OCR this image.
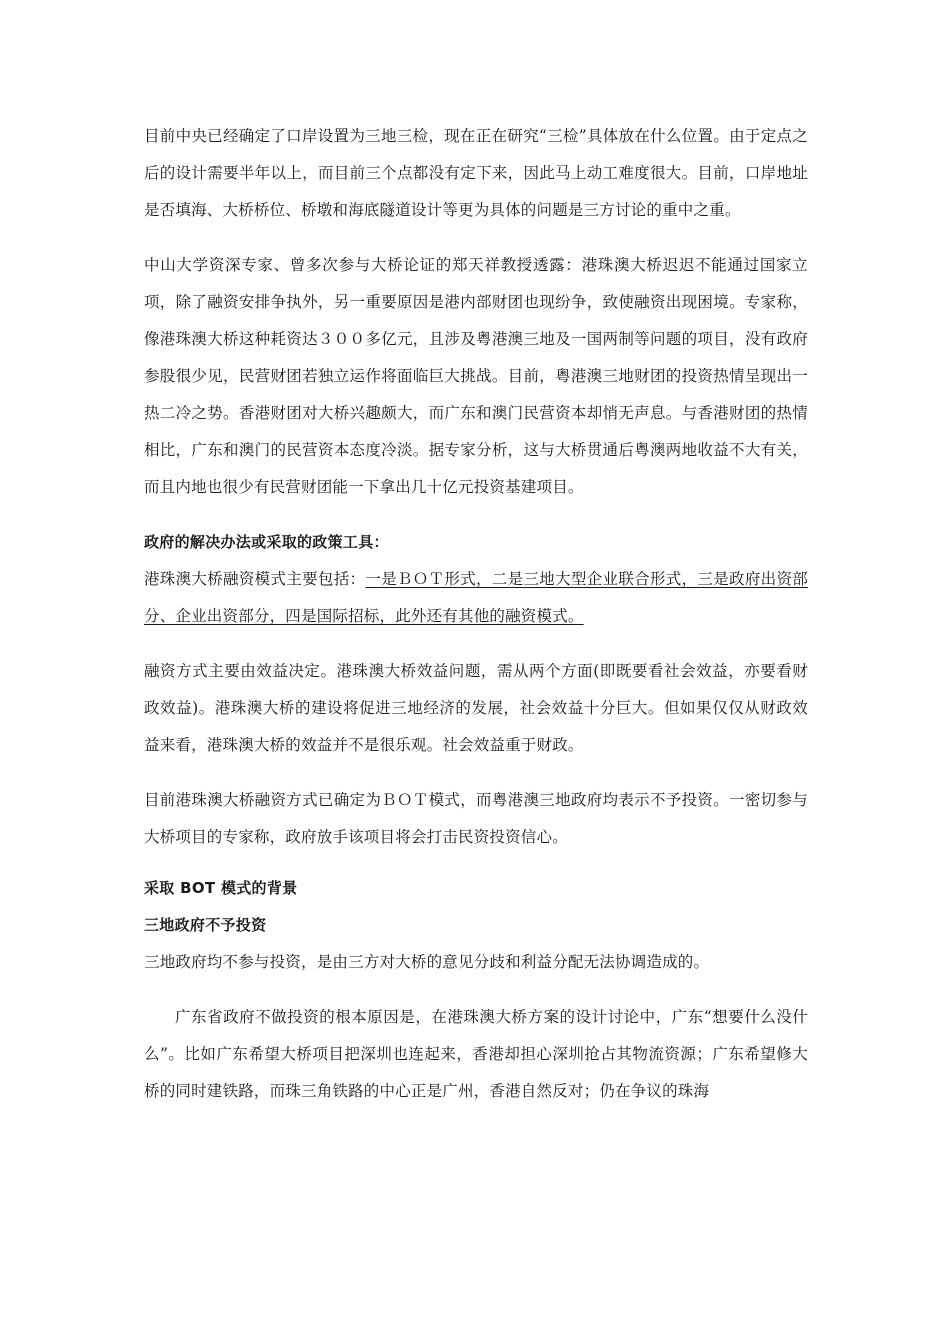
目前中央已经确定了口岸设置为三地三检，现在正在研究“三检”具体放在什么位置。由于定点之后的设计需要半年以上，而目前三个点都没有定下来，因此马上动工难度很大。目前，口岸地址是否填海、大桥桥位、桥墩和海底隧道设计等更为具体的问题是三方讨论的重中之重。

中山大学资深专家、曾多次参与大桥论证的郑天祥教授透露：港珠澳大桥迟迟不能通过国家立项，除了融资安排争执外，另一重要原因是港内部财团也现纷争，致使融资出现困境。专家称，像港珠澳大桥这种耗资达３００多亿元，且涉及粤港澳三地及一国两制等问题的项目，没有政府参股很少见，民营财团若独立运作将面临巨大挑战。目前，粤港澳三地财团的投资热情呈现出一热二冷之势。香港财团对大桥兴趣颇大，而广东和澳门民营资本却悄无声息。与香港财团的热情相比，广东和澳门的民营资本态度冷淡。据专家分析，这与大桥贯通后粤澳两地收益不大有关，而且内地也很少有民营财团能一下拿出几十亿元投资基建项目。

政府的解决办法或采取的政策工具：

港珠澳大桥融资模式主要包括：一是ＢＯＴ形式，二是三地大型企业联合形式，三是政府出资部分、企业出资部分，四是国际招标，此外还有其他的融资模式。

融资方式主要由效益决定。港珠澳大桥效益问题，需从两个方面(即既要看社会效益，亦要看财政效益)。港珠澳大桥的建设将促进三地经济的发展，社会效益十分巨大。但如果仅仅从财政效益来看，港珠澳大桥的效益并不是很乐观。社会效益重于财政。

目前港珠澳大桥融资方式已确定为ＢＯＴ模式，而粤港澳三地政府均表示不予投资。一密切参与大桥项目的专家称，政府放手该项目将会打击民资投资信心。

采取 BOT 模式的背景

三地政府不予投资

三地政府均不参与投资，是由三方对大桥的意见分歧和利益分配无法协调造成的。

广东省政府不做投资的根本原因是，在港珠澳大桥方案的设计讨论中，广东“想要什么没什么”。比如广东希望大桥项目把深圳也连起来，香港却担心深圳抢占其物流资源；广东希望修大桥的同时建铁路，而珠三角铁路的中心正是广州，香港自然反对；仍在争议的珠海
